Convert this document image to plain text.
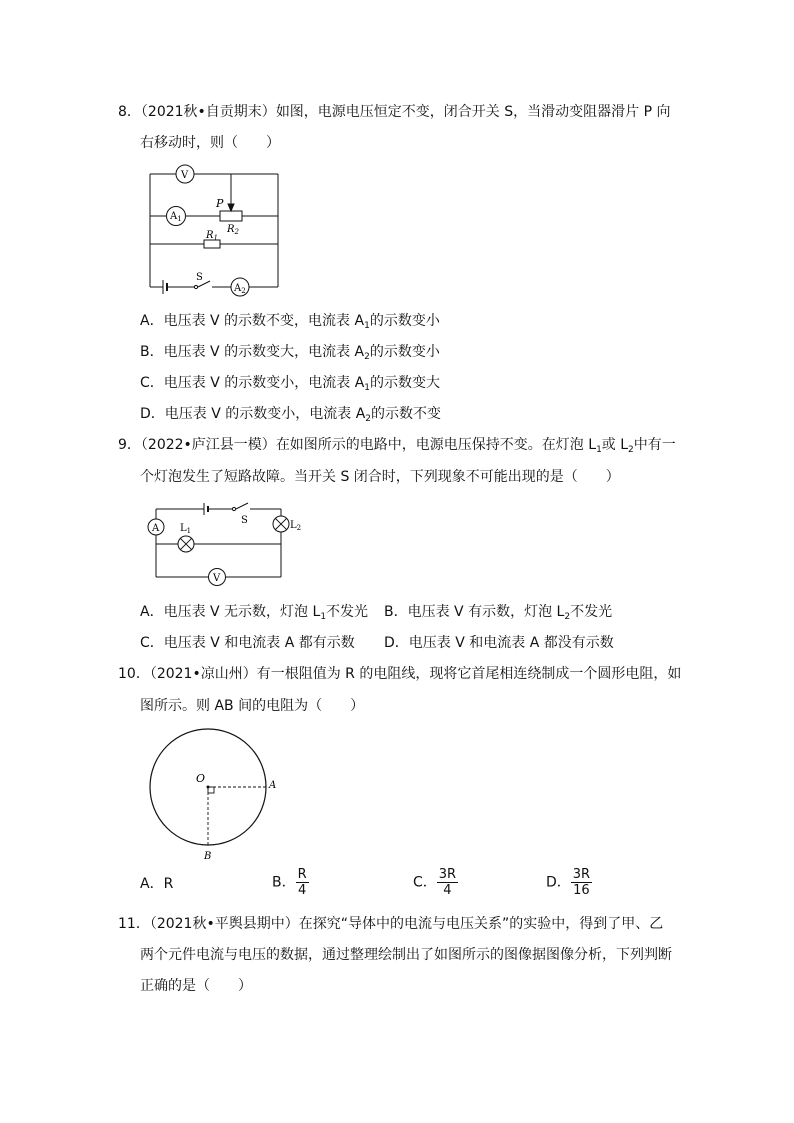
8．（2021秋•自贡期末）如图，电源电压恒定不变，闭合开关 S，当滑动变阻器滑片 P 向
右移动时，则（　　）
V
$A_1$
P
$R_2$
$R_1$
S
$A_2$
A．电压表 V 的示数不变，电流表 $A_1$的示数变小
B．电压表 V 的示数变大，电流表 $A_2$的示数变小
C．电压表 V 的示数变小，电流表 $A_1$的示数变大
D．电压表 V 的示数变小，电流表 $A_2$的示数不变
9．（2022•庐江县一模）在如图所示的电路中，电源电压保持不变。在灯泡 $L_1$或 $L_2$中有一
个灯泡发生了短路故障。当开关 S 闭合时，下列现象不可能出现的是（　　）
A $L_1$
S	$L_2$
V
A．电压表 V 无示数，灯泡 $L_1$不发光 B．电压表 V 有示数，灯泡 $L_2$不发光
C．电压表 V 和电流表 A 都有示数 D．电压表 V 和电流表 A 都没有示数
10．（2021•凉山州）有一根阻值为 R 的电阻线，现将它首尾相连绕制成一个圆形电阻，如
图所示。则 AB 间的电阻为（　　）
O
A
B
A．R	B． $\frac{R}{4}$	C． $\frac{3R}{4}$	D． $\frac{3R}{16}$
11．（2021秋•平舆县期中）在探究“导体中的电流与电压关系”的实验中，得到了甲、乙
两个元件电流与电压的数据，通过整理绘制出了如图所示的图像据图像分析，下列判断
正确的是（　　）
